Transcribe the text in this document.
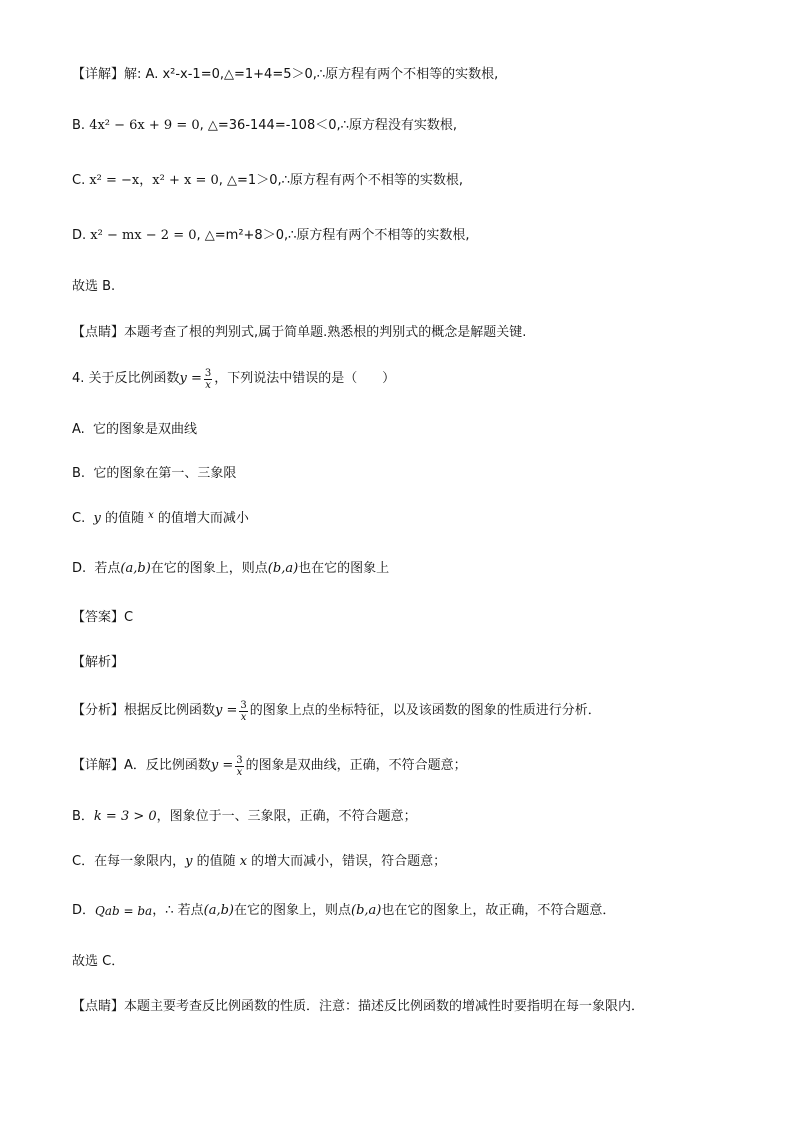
【详解】 解: A. x²-x-1=0,△=1+4=5＞0,∴原方程有两个不相等的实数根,
B. 4x² − 6x + 9 = 0 , △=36-144=-108＜0,∴原方程没有实数根,
C. x² = −x ， x² + x = 0 , △=1＞0,∴原方程有两个不相等的实数根,
D. x² − mx − 2 = 0 , △=m²+8＞0,∴原方程有两个不相等的实数根,
故选 B.
【点睛】 本题考查了根的判别式,属于简单题.熟悉根的判别式的概念是解题关键.
4. 关于反比例函数 $y = \frac{3}{x}$ ，下列说法中错误的是（      ）
A.  它的图象是双曲线
B.  它的图象在第一、三象限
C. y 的值随 x 的值增大而减小
D.  若点 (a,b) 在它的图象上，则点 (b,a) 也在它的图象上
【答案】 C
【解析】
【分析】 根据反比例函数 $y = \frac{3}{x}$ 的图象上点的坐标特征，以及该函数的图象的性质进行分析．
【详解】 A．反比例函数 $y = \frac{3}{x}$ 的图象是双曲线，正确，不符合题意；
B． k = 3 > 0 ，图象位于一、三象限，正确，不符合题意；
C．在每一象限内， y 的值随 x 的增大而减小，错误，符合题意；
D． Qab = ba ，∴ 若点 (a,b) 在它的图象上，则点 (b,a) 也在它的图象上，故正确，不符合题意．
故选 C．
【点睛】 本题主要考查反比例函数的性质．注意：描述反比例函数的增减性时要指明在每一象限内．
